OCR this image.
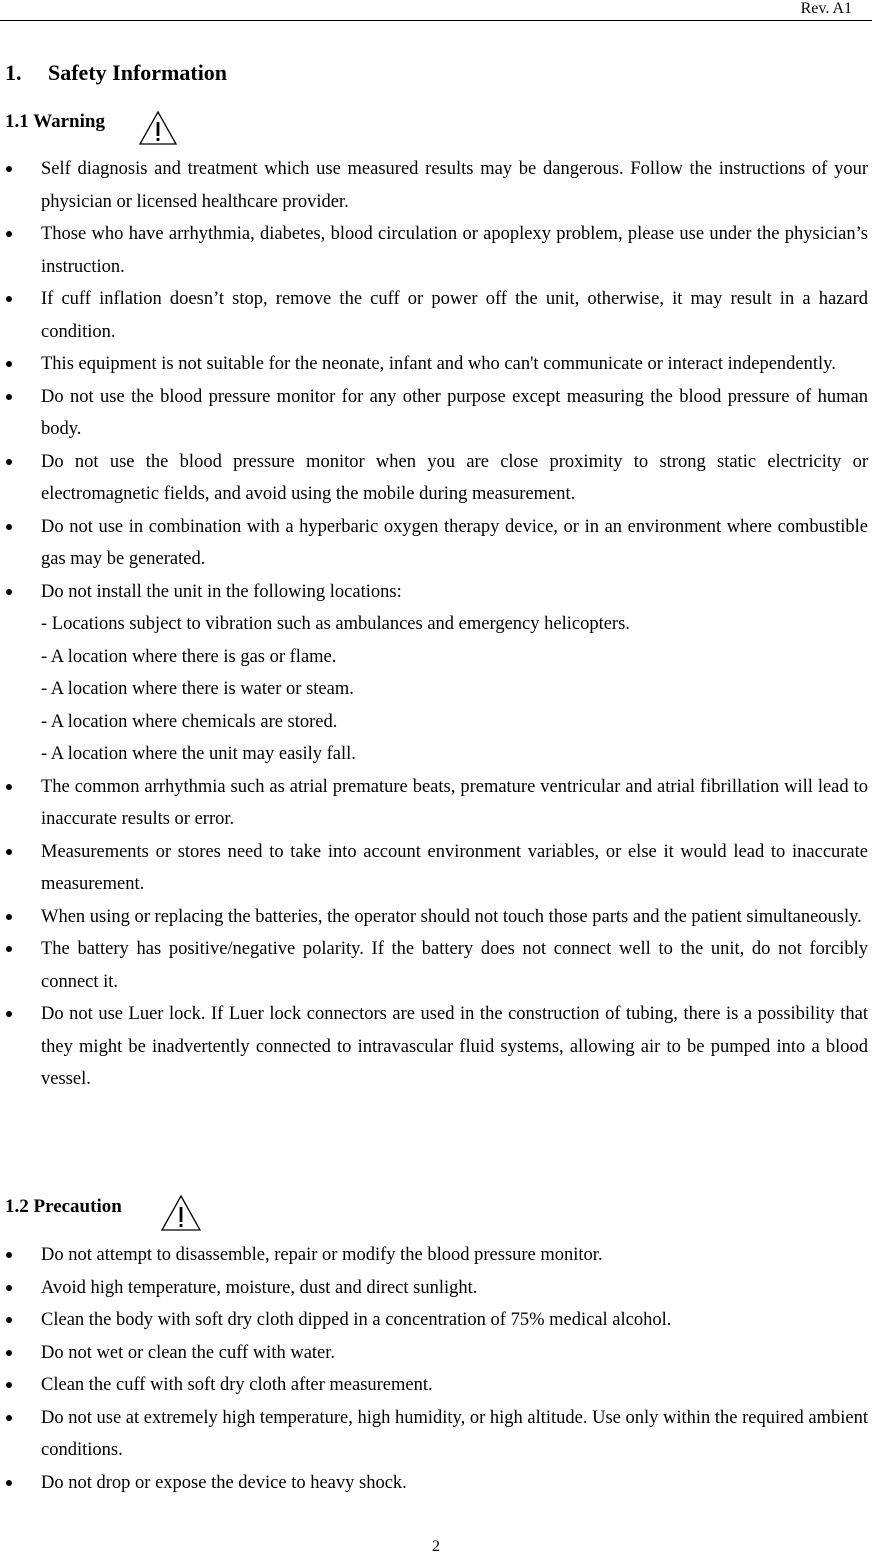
Rev. A1
1. Safety Information
1.1 Warning
Self diagnosis and treatment which use measured results may be dangerous. Follow the instructions of your physician or licensed healthcare provider.
Those who have arrhythmia, diabetes, blood circulation or apoplexy problem, please use under the physician’s instruction.
If cuff inflation doesn’t stop, remove the cuff or power off the unit, otherwise, it may result in a hazard condition.
This equipment is not suitable for the neonate, infant and who can't communicate or interact independently.
Do not use the blood pressure monitor for any other purpose except measuring the blood pressure of human body.
Do not use the blood pressure monitor when you are close proximity to strong static electricity or electromagnetic fields, and avoid using the mobile during measurement.
Do not use in combination with a hyperbaric oxygen therapy device, or in an environment where combustible gas may be generated.
Do not install the unit in the following locations:
- Locations subject to vibration such as ambulances and emergency helicopters.
- A location where there is gas or flame.
- A location where there is water or steam.
- A location where chemicals are stored.
- A location where the unit may easily fall.
The common arrhythmia such as atrial premature beats, premature ventricular and atrial fibrillation will lead to inaccurate results or error.
Measurements or stores need to take into account environment variables, or else it would lead to inaccurate measurement.
When using or replacing the batteries, the operator should not touch those parts and the patient simultaneously.
The battery has positive/negative polarity. If the battery does not connect well to the unit, do not forcibly connect it.
Do not use Luer lock. If Luer lock connectors are used in the construction of tubing, there is a possibility that they might be inadvertently connected to intravascular fluid systems, allowing air to be pumped into a blood vessel.
1.2 Precaution
Do not attempt to disassemble, repair or modify the blood pressure monitor.
Avoid high temperature, moisture, dust and direct sunlight.
Clean the body with soft dry cloth dipped in a concentration of 75% medical alcohol.
Do not wet or clean the cuff with water.
Clean the cuff with soft dry cloth after measurement.
Do not use at extremely high temperature, high humidity, or high altitude. Use only within the required ambient conditions.
Do not drop or expose the device to heavy shock.
2
